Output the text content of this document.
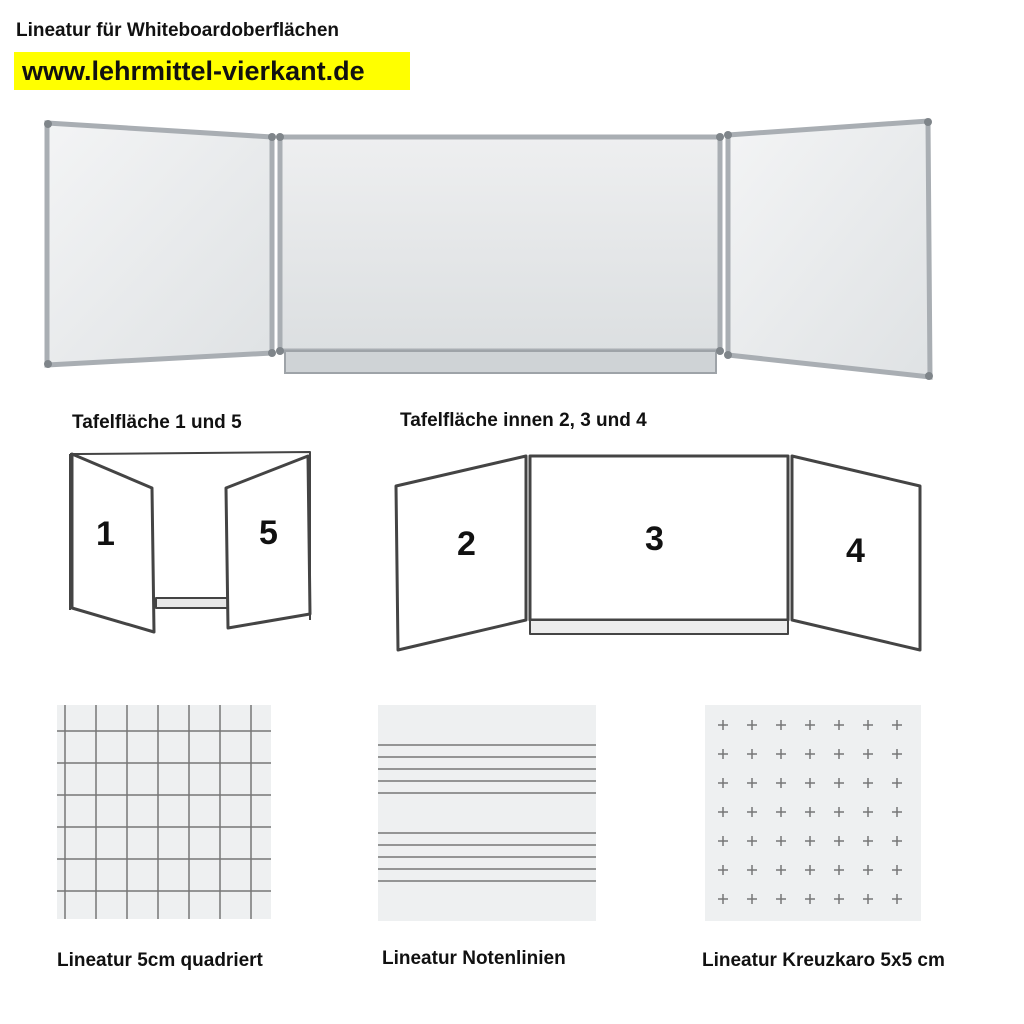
Lineatur für Whiteboardoberflächen
www.lehrmittel-vierkant.de
Tafelfläche 1 und 5	Tafelfläche innen 2, 3 und 4
1	5	2	3	4
Lineatur 5cm quadriert	Lineatur Notenlinien	Lineatur Kreuzkaro 5x5 cm
